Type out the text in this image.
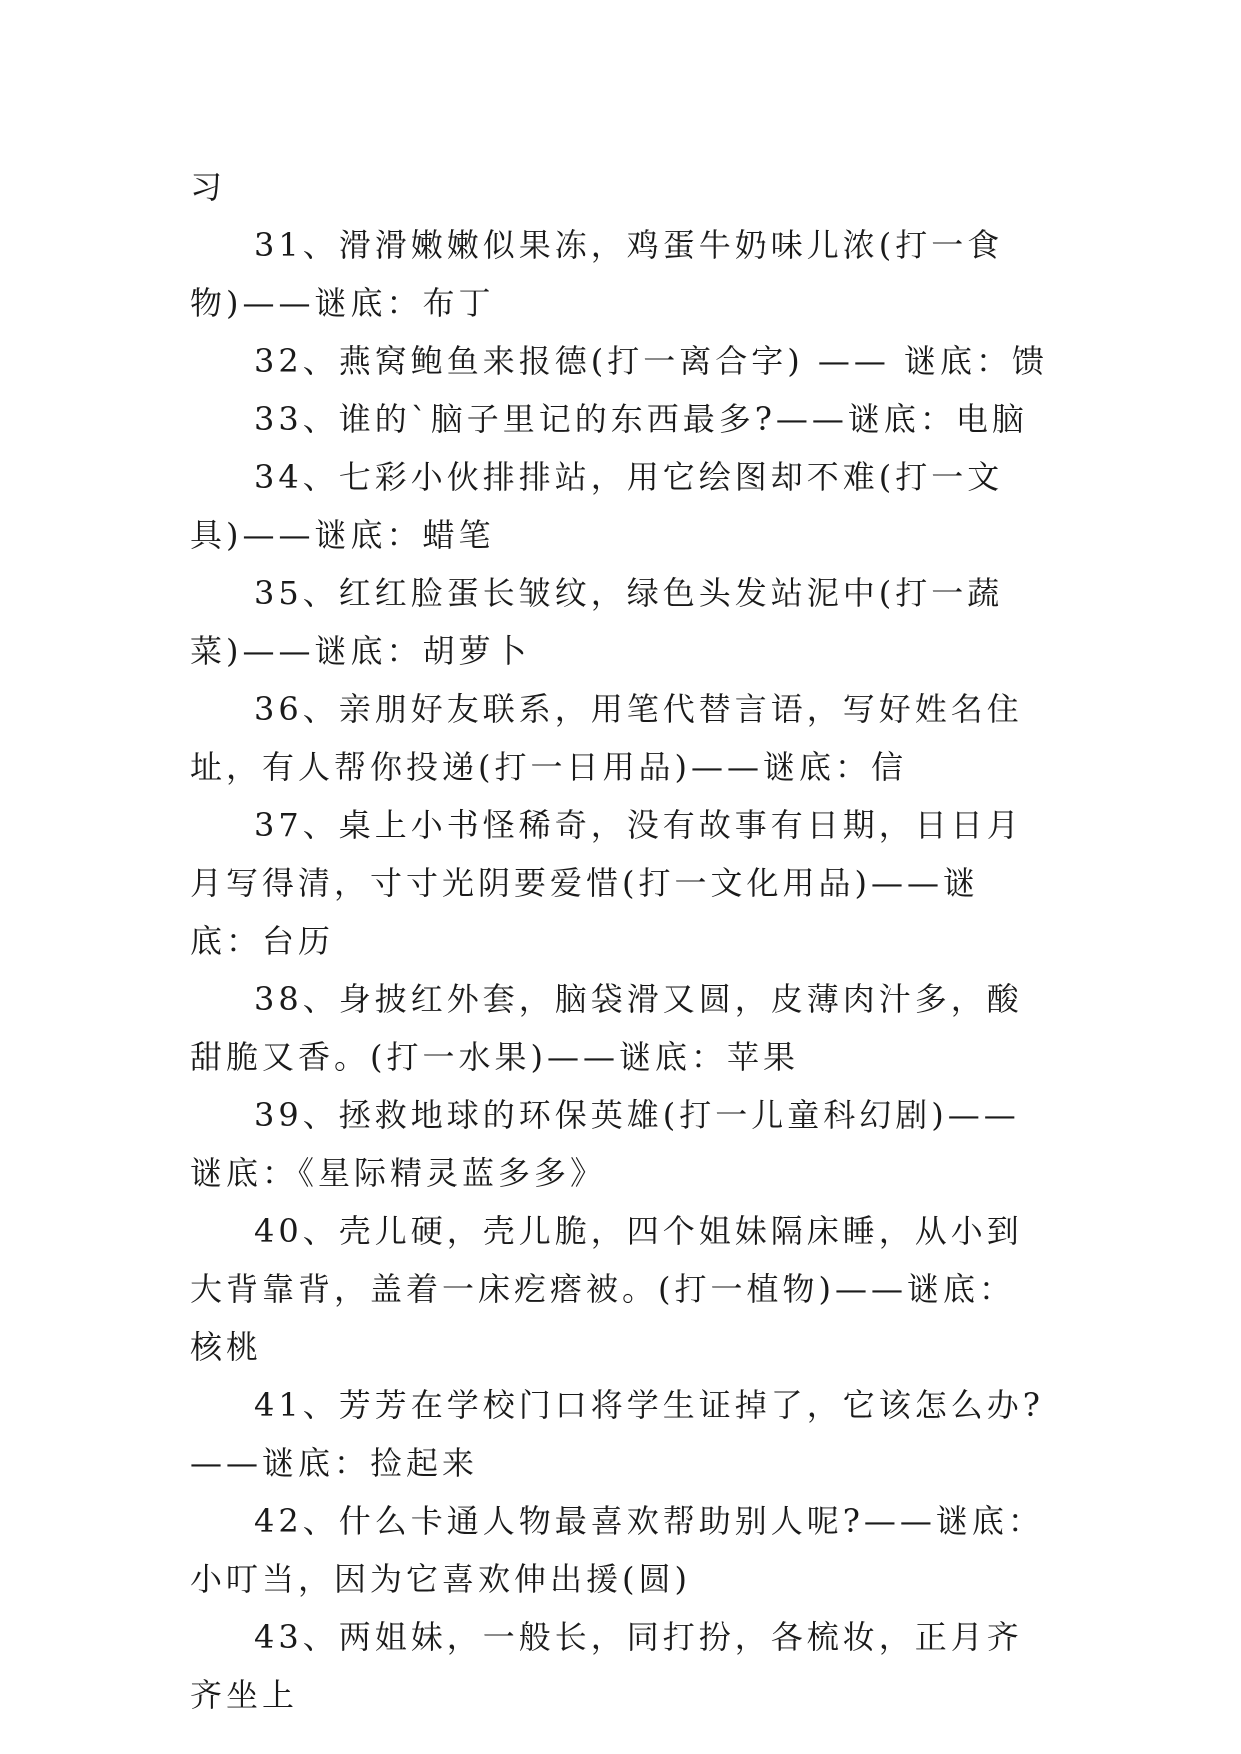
习

31、滑滑嫩嫩似果冻，鸡蛋牛奶味儿浓(打一食物)——谜底：布丁

32、燕窝鲍鱼来报德(打一离合字) —— 谜底：馈

33、谁的`脑子里记的东西最多?——谜底：电脑

34、七彩小伙排排站，用它绘图却不难(打一文具)——谜底：蜡笔

35、红红脸蛋长皱纹，绿色头发站泥中(打一蔬菜)——谜底：胡萝卜

36、亲朋好友联系，用笔代替言语，写好姓名住址，有人帮你投递(打一日用品)——谜底：信

37、桌上小书怪稀奇，没有故事有日期，日日月月写得清，寸寸光阴要爱惜(打一文化用品)——谜底：台历

38、身披红外套，脑袋滑又圆，皮薄肉汁多，酸甜脆又香。(打一水果)——谜底：苹果

39、拯救地球的环保英雄(打一儿童科幻剧)——谜底：《星际精灵蓝多多》

40、壳儿硬，壳儿脆，四个姐妹隔床睡，从小到大背靠背，盖着一床疙瘩被。(打一植物)——谜底：核桃

41、芳芳在学校门口将学生证掉了，它该怎么办?——谜底：捡起来

42、什么卡通人物最喜欢帮助别人呢?——谜底：小叮当，因为它喜欢伸出援(圆)

43、两姐妹，一般长，同打扮，各梳妆，正月齐齐坐上
